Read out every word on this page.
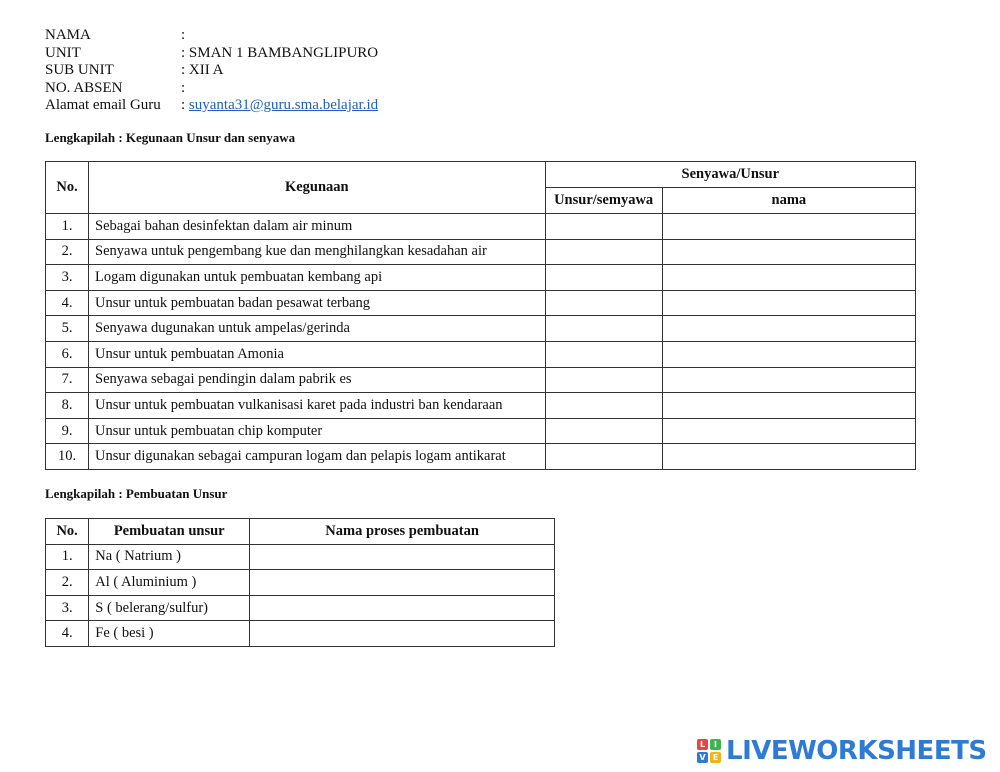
NAMA	:
UNIT	: SMAN 1 BAMBANGLIPURO
SUB UNIT	: XII A
NO. ABSEN	:
Alamat email Guru	: suyanta31@guru.sma.belajar.id
Lengkapilah : Kegunaan Unsur dan senyawa
No.	Kegunaan	Senyawa/Unsur	
		Unsur/semyawa	nama
1.	Sebagai bahan desinfektan dalam air minum		
2.	Senyawa untuk pengembang kue dan menghilangkan kesadahan air		
3.	Logam digunakan untuk pembuatan kembang api		
4.	Unsur untuk pembuatan badan pesawat terbang		
5.	Senyawa dugunakan untuk ampelas/gerinda		
6.	Unsur untuk pembuatan Amonia		
7.	Senyawa sebagai pendingin dalam pabrik es		
8.	Unsur untuk pembuatan vulkanisasi karet pada industri ban kendaraan		
9.	Unsur untuk pembuatan chip komputer		
10.	Unsur digunakan sebagai campuran logam dan pelapis logam antikarat		
Lengkapilah : Pembuatan Unsur
No.	Pembuatan unsur	Nama proses pembuatan
1.	Na ( Natrium )	
2.	Al ( Aluminium )	
3.	S ( belerang/sulfur)	
4.	Fe ( besi )	
L	I
V E LIVEWORKSHEETS
